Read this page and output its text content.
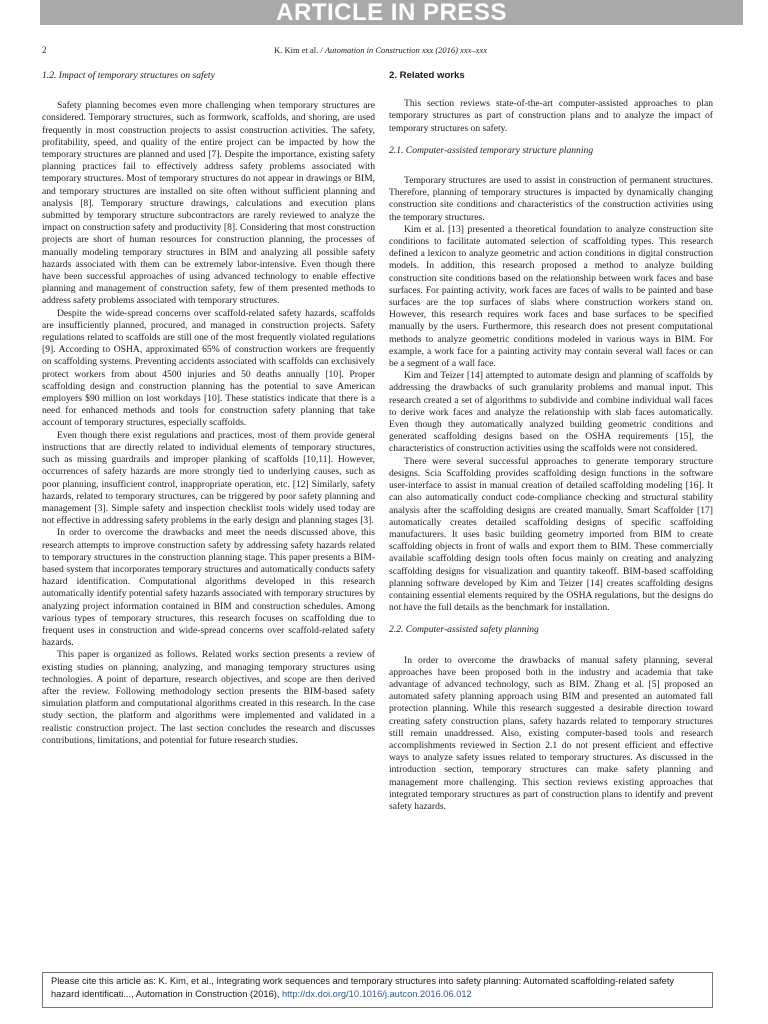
ARTICLE IN PRESS
2	K. Kim et al. / Automation in Construction xxx (2016) xxx–xxx
1.2. Impact of temporary structures on safety

Safety planning becomes even more challenging when temporary structures are considered. Temporary structures, such as formwork, scaffolds, and shoring, are used frequently in most construction projects to assist construction activities. The safety, profitability, speed, and quality of the entire project can be impacted by how the temporary structures are planned and used [7]. Despite the importance, existing safety planning practices fail to effectively address safety problems associated with temporary structures. Most of temporary structures do not appear in drawings or BIM, and temporary structures are installed on site often without sufficient planning and analysis [8]. Temporary structure drawings, calculations and execution plans submitted by temporary structure subcontractors are rarely reviewed to analyze the impact on construction safety and productivity [8]. Considering that most construction projects are short of human resources for construction planning, the processes of manually modeling temporary structures in BIM and analyzing all possible safety hazards associated with them can be extremely labor-intensive. Even though there have been successful approaches of using advanced technology to enable effective planning and management of construction safety, few of them presented methods to address safety problems associated with temporary structures.

Despite the wide-spread concerns over scaffold-related safety hazards, scaffolds are insufficiently planned, procured, and managed in construction projects. Safety regulations related to scaffolds are still one of the most frequently violated regulations [9]. According to OSHA, approximated 65% of construction workers are frequently on scaffolding systems. Preventing accidents associated with scaffolds can exclusively protect workers from about 4500 injuries and 50 deaths annually [10]. Proper scaffolding design and construction planning has the potential to save American employers $90 million on lost workdays [10]. These statistics indicate that there is a need for enhanced methods and tools for construction safety planning that take account of temporary structures, especially scaffolds.

Even though there exist regulations and practices, most of them provide general instructions that are directly related to individual elements of temporary structures, such as missing guardrails and improper planking of scaffolds [10,11]. However, occurrences of safety hazards are more strongly tied to underlying causes, such as poor planning, insufficient control, inappropriate operation, etc. [12] Similarly, safety hazards, related to temporary structures, can be triggered by poor safety planning and management [3]. Simple safety and inspection checklist tools widely used today are not effective in addressing safety problems in the early design and planning stages [3].

In order to overcome the drawbacks and meet the needs discussed above, this research attempts to improve construction safety by addressing safety hazards related to temporary structures in the construction planning stage. This paper presents a BIM-based system that incorporates temporary structures and automatically conducts safety hazard identification. Computational algorithms developed in this research automatically identify potential safety hazards associated with temporary structures by analyzing project information contained in BIM and construction schedules. Among various types of temporary structures, this research focuses on scaffolding due to frequent uses in construction and wide-spread concerns over scaffold-related safety hazards.

This paper is organized as follows. Related works section presents a review of existing studies on planning, analyzing, and managing temporary structures using technologies. A point of departure, research objectives, and scope are then derived after the review. Following methodology section presents the BIM-based safety simulation platform and computational algorithms created in this research. In the case study section, the platform and algorithms were implemented and validated in a realistic construction project. The last section concludes the research and discusses contributions, limitations, and potential for future research studies.

2. Related works

This section reviews state-of-the-art computer-assisted approaches to plan temporary structures as part of construction plans and to analyze the impact of temporary structures on safety.

2.1. Computer-assisted temporary structure planning

Temporary structures are used to assist in construction of permanent structures. Therefore, planning of temporary structures is impacted by dynamically changing construction site conditions and characteristics of the construction activities using the temporary structures.

Kim et al. [13] presented a theoretical foundation to analyze construction site conditions to facilitate automated selection of scaffolding types. This research defined a lexicon to analyze geometric and action conditions in digital construction models. In addition, this research proposed a method to analyze building construction site conditions based on the relationship between work faces and base surfaces. For painting activity, work faces are faces of walls to be painted and base surfaces are the top surfaces of slabs where construction workers stand on. However, this research requires work faces and base surfaces to be specified manually by the users. Furthermore, this research does not present computational methods to analyze geometric conditions modeled in various ways in BIM. For example, a work face for a painting activity may contain several wall faces or can be a segment of a wall face.

Kim and Teizer [14] attempted to automate design and planning of scaffolds by addressing the drawbacks of such granularity problems and manual input. This research created a set of algorithms to subdivide and combine individual wall faces to derive work faces and analyze the relationship with slab faces automatically. Even though they automatically analyzed building geometric conditions and generated scaffolding designs based on the OSHA requirements [15], the characteristics of construction activities using the scaffolds were not considered.

There were several successful approaches to generate temporary structure designs. Scia Scaffolding provides scaffolding design functions in the software user-interface to assist in manual creation of detailed scaffolding modeling [16]. It can also automatically conduct code-compliance checking and structural stability analysis after the scaffolding designs are created manually. Smart Scaffolder [17] automatically creates detailed scaffolding designs of specific scaffolding manufacturers. It uses basic building geometry imported from BIM to create scaffolding objects in front of walls and export them to BIM. These commercially available scaffolding design tools often focus mainly on creating and analyzing scaffolding designs for visualization and quantity takeoff. BIM-based scaffolding planning software developed by Kim and Teizer [14] creates scaffolding designs containing essential elements required by the OSHA regulations, but the designs do not have the full details as the benchmark for installation.

2.2. Computer-assisted safety planning

In order to overcome the drawbacks of manual safety planning, several approaches have been proposed both in the industry and academia that take advantage of advanced technology, such as BIM. Zhang et al. [5] proposed an automated safety planning approach using BIM and presented an automated fall protection planning. While this research suggested a desirable direction toward creating safety construction plans, safety hazards related to temporary structures still remain unaddressed. Also, existing computer-based tools and research accomplishments reviewed in Section 2.1 do not present efficient and effective ways to analyze safety issues related to temporary structures. As discussed in the introduction section, temporary structures can make safety planning and management more challenging. This section reviews existing approaches that integrated temporary structures as part of construction plans to identify and prevent safety hazards.

Please cite this article as: K. Kim, et al., Integrating work sequences and temporary structures into safety planning: Automated scaffolding-related safety hazard identificati..., Automation in Construction (2016), http://dx.doi.org/10.1016/j.autcon.2016.06.012
